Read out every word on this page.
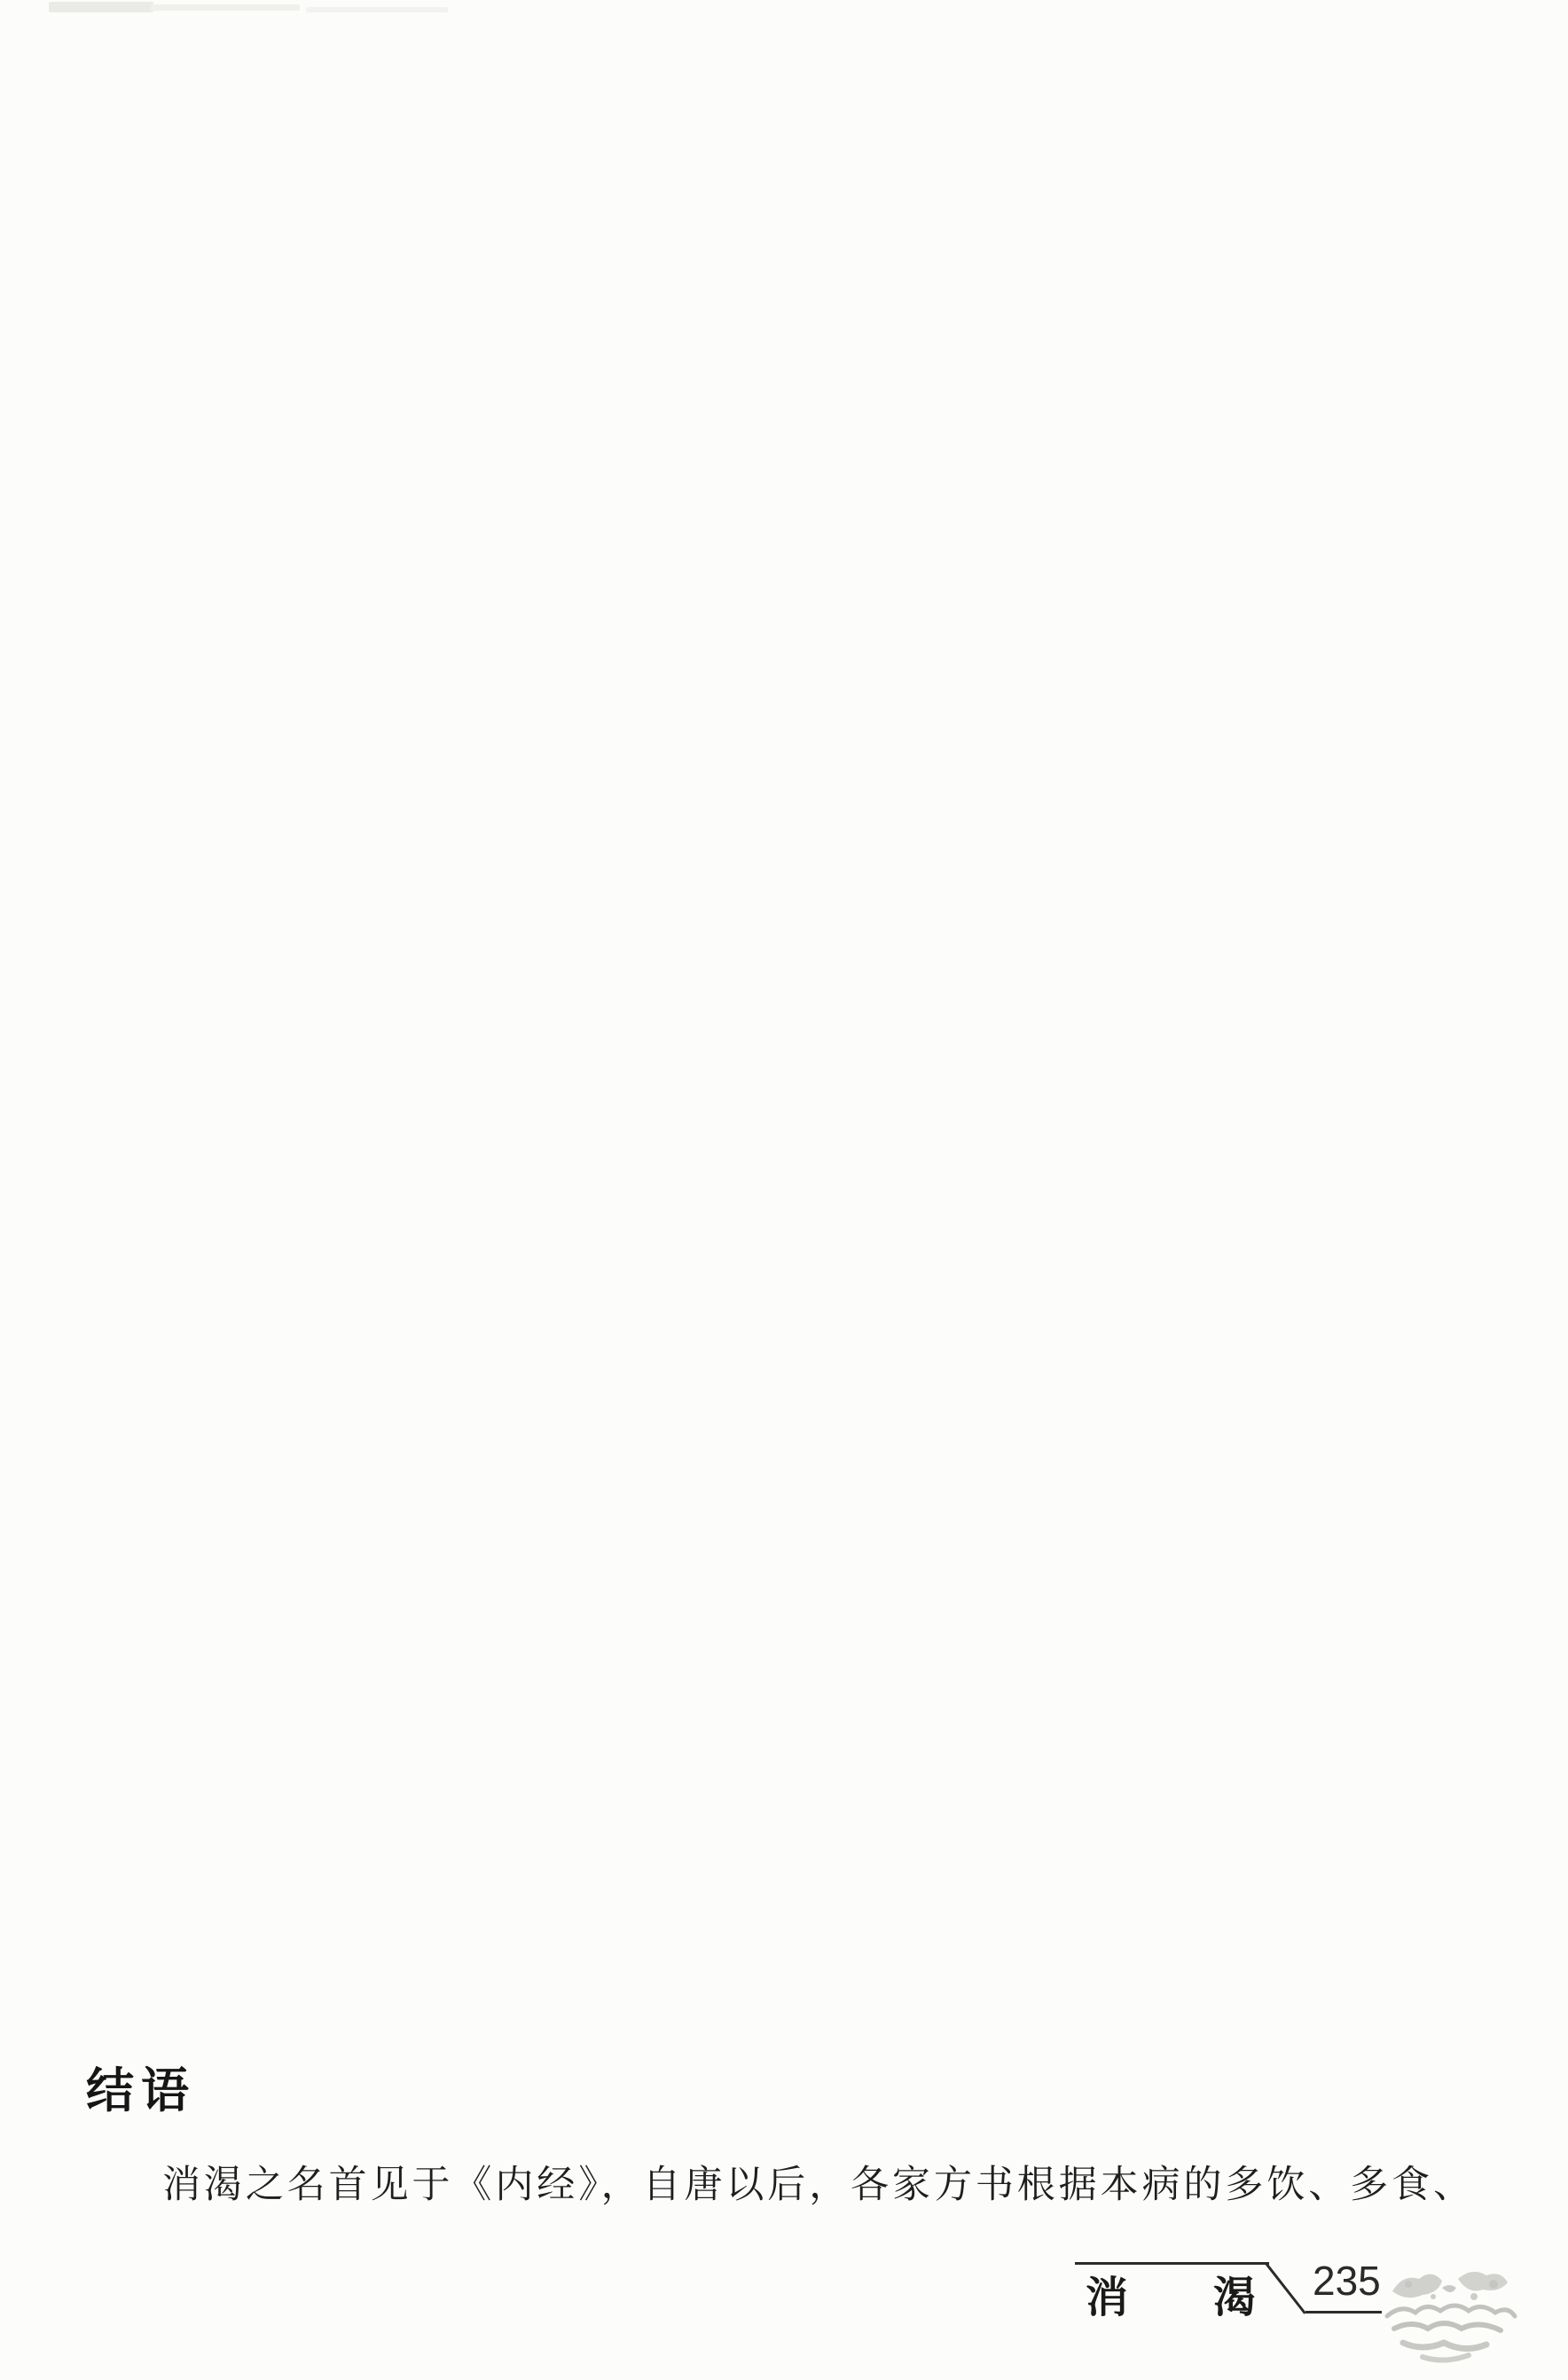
结语
消渴之名首见于《内经》，自唐以后，各家方书根据本病的多饮、多食、
消　　渴 235
